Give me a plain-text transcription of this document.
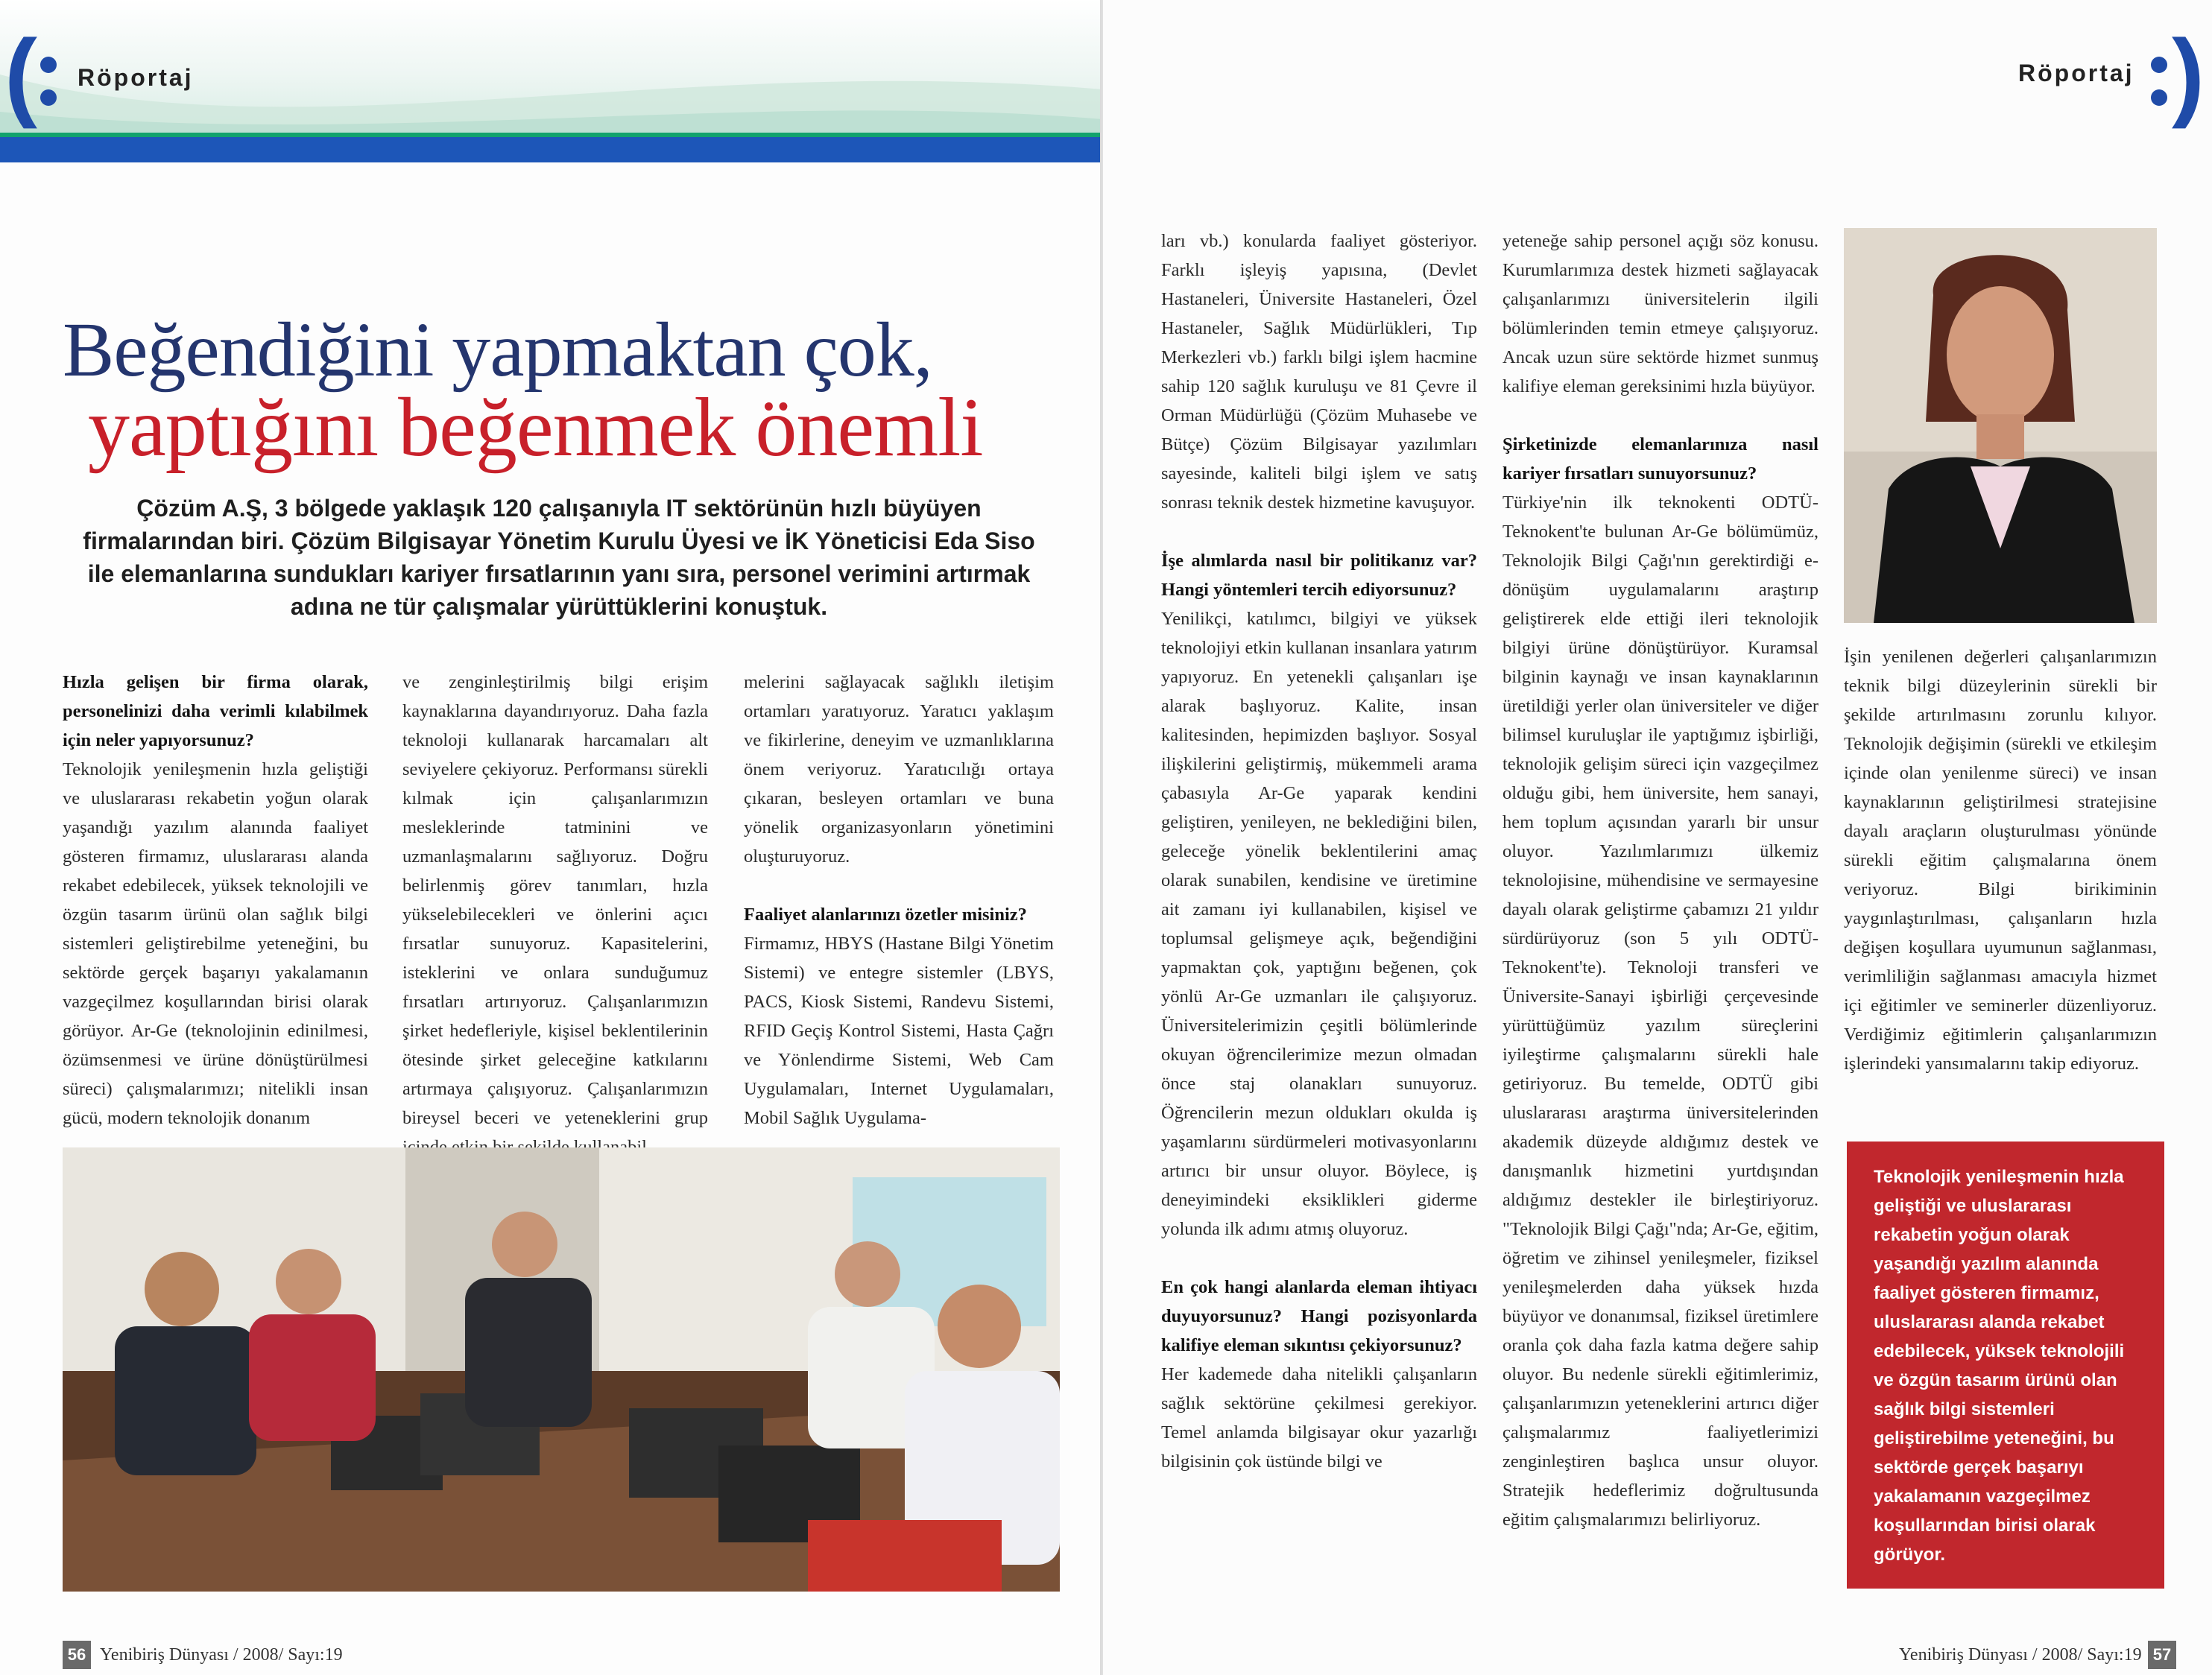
( Röportaj
Beğendiğini yapmaktan çok,
yaptığını beğenmek önemli
Çözüm A.Ş, 3 bölgede yaklaşık 120 çalışanıyla IT sektörünün hızlı büyüyen firmalarından biri. Çözüm Bilgisayar Yönetim Kurulu Üyesi ve İK Yöneticisi Eda Siso ile elemanlarına sundukları kariyer fırsatlarının yanı sıra, personel verimini artırmak adına ne tür çalışmalar yürüttüklerini konuştuk.
Hızla gelişen bir firma olarak, personelinizi daha verimli kılabilmek için neler yapıyorsunuz?
Teknolojik yenileşmenin hızla geliştiği ve uluslararası rekabetin yoğun olarak yaşandığı yazılım alanında faaliyet gösteren firmamız, uluslararası alanda rekabet edebilecek, yüksek teknolojili ve özgün tasarım ürünü olan sağlık bilgi sistemleri geliştirebilme yeteneğini, bu sektörde gerçek başarıyı yakalamanın vazgeçilmez koşullarından birisi olarak görüyor. Ar-Ge (teknolojinin edinilmesi, özümsenmesi ve ürüne dönüştürülmesi süreci) çalışmalarımızı; nitelikli insan gücü, modern teknolojik donanım
ve zenginleştirilmiş bilgi erişim kaynaklarına dayandırıyoruz. Daha fazla teknoloji kullanarak harcamaları alt seviyelere çekiyoruz. Performansı sürekli kılmak için çalışanlarımızın mesleklerinde tatminini ve uzmanlaşmalarını sağlıyoruz. Doğru belirlenmiş görev tanımları, hızla yükselebilecekleri ve önlerini açıcı fırsatlar sunuyoruz. Kapasitelerini, isteklerini ve onlara sunduğumuz fırsatları artırıyoruz. Çalışanlarımızın şirket hedefleriyle, kişisel beklentilerinin ötesinde şirket geleceğine katkılarını artırmaya çalışıyoruz. Çalışanlarımızın bireysel beceri ve yeteneklerini grup
melerini sağlayacak sağlıklı iletişim ortamları yaratıyoruz. Yaratıcı yaklaşım ve fikirlerine, deneyim ve uzmanlıklarına önem veriyoruz. Yaratıcılığı ortaya çıkaran, besleyen ortamları ve buna yönelik organizasyonların yönetimini oluşturuyoruz.
Faaliyet alanlarınızı özetler misiniz?
Firmamız, HBYS (Hastane Bilgi Yönetim Sistemi) ve entegre sistemler (LBYS, PACS, Kiosk Sistemi, Randevu Sistemi, RFID Geçiş Kontrol Sistemi, Hasta Çağrı ve Yönlendirme Sistemi, Web Cam Uygulamaları, Internet Uygulamaları, Mobil Sağlık Uygulama-
56 Yenibiriş Dünyası / 2008/ Sayı:19
Röportaj )
ları vb.) konularda faaliyet gösteriyor. Farklı işleyiş yapısına, (Devlet Hastaneleri, Üniversite Hastaneleri, Özel Hastaneler, Sağlık Müdürlükleri, Tıp Merkezleri vb.) farklı bilgi işlem hacmine sahip 120 sağlık kuruluşu ve 81 Çevre il Orman Müdürlüğü (Çözüm Muhasebe ve Bütçe) Çözüm Bilgisayar yazılımları sayesinde, kaliteli bilgi işlem ve satış sonrası teknik destek hizmetine kavuşuyor.
İşe alımlarda nasıl bir politikanız var? Hangi yöntemleri tercih ediyorsunuz?
Yenilikçi, katılımcı, bilgiyi ve yüksek teknolojiyi etkin kullanan insanlara yatırım yapıyoruz. En yetenekli çalışanları işe alarak başlıyoruz. Kalite, insan kalitesinden, hepimizden başlıyor. Sosyal ilişkilerini geliştirmiş, mükemmeli arama çabasıyla Ar-Ge yaparak kendini geliştiren, yenileyen, ne beklediğini bilen, geleceğe yönelik beklentilerini amaç olarak sunabilen, kendisine ve üretimine ait zamanı iyi kullanabilen, kişisel ve toplumsal gelişmeye açık, beğendiğini yapmaktan çok, yaptığını beğenen, çok yönlü Ar-Ge uzmanları ile çalışıyoruz. Üniversitelerimizin çeşitli bölümlerinde okuyan öğrencilerimize mezun olmadan önce staj olanakları sunuyoruz. Öğrencilerin mezun oldukları okulda iş yaşamlarını sürdürmeleri motivasyonlarını artırıcı bir unsur oluyor. Böylece, iş deneyimindeki eksiklikleri giderme yolunda ilk adımı atmış oluyoruz.
En çok hangi alanlarda eleman ihtiyacı duyuyorsunuz? Hangi pozisyonlarda kalifiye eleman sıkıntısı çekiyorsunuz?
Her kademede daha nitelikli çalışanların sağlık sektörüne çekilmesi gerekiyor. Temel anlamda bilgisayar okur yazarlığı bilgisinin çok üstünde bilgi ve
yeteneğe sahip personel açığı söz konusu. Kurumlarımıza destek hizmeti sağlayacak çalışanlarımızı üniversitelerin ilgili bölümlerinden temin etmeye çalışıyoruz. Ancak uzun süre sektörde hizmet sunmuş kalifiye eleman gereksinimi hızla büyüyor.
Şirketinizde elemanlarınıza nasıl kariyer fırsatları sunuyorsunuz?
Türkiye'nin ilk teknokenti ODTÜ-Teknokent'te bulunan Ar-Ge bölümümüz, Teknolojik Bilgi Çağı'nın gerektirdiği e-dönüşüm uygulamalarını araştırıp geliştirerek elde ettiği ileri teknolojik bilgiyi ürüne dönüştürüyor. Kuramsal bilginin kaynağı ve insan kaynaklarının üretildiği yerler olan üniversiteler ve diğer bilimsel kuruluşlar ile yaptığımız işbirliği, teknolojik gelişim süreci için vazgeçilmez olduğu gibi, hem üniversite, hem sanayi, hem toplum açısından yararlı bir unsur oluyor. Yazılımlarımızı ülkemiz teknolojisine, mühendisine ve sermayesine dayalı olarak geliştirme çabamızı 21 yıldır sürdürüyoruz (son 5 yılı ODTÜ-Teknokent'te). Teknoloji transferi ve Üniversite-Sanayi işbirliği çerçevesinde yürüttüğümüz yazılım süreçlerini iyileştirme çalışmalarını sürekli hale getiriyoruz. Bu temelde, ODTÜ gibi uluslararası araştırma üniversitelerinden akademik düzeyde aldığımız destek ve danışmanlık hizmetini yurtdışından aldığımız destekler ile birleştiriyoruz. "Teknolojik Bilgi Çağı"nda; Ar-Ge, eğitim, öğretim ve zihinsel yenileşmeler, fiziksel yenileşmelerden daha yüksek hızda büyüyor ve donanımsal, fiziksel üretimlere oranla çok daha fazla katma değere sahip oluyor. Bu nedenle sürekli eğitimlerimiz, çalışanlarımızın yeteneklerini artırıcı diğer çalışmalarımız faaliyetlerimizi zenginleştiren başlıca unsur oluyor. Stratejik hedeflerimiz doğrultusunda eğitim çalışmalarımızı belirliyoruz.
İşin yenilenen değerleri çalışanlarımızın teknik bilgi düzeylerinin sürekli bir şekilde artırılmasını zorunlu kılıyor. Teknolojik değişimin (sürekli ve etkileşim içinde olan yenilenme süreci) ve insan kaynaklarının geliştirilmesi stratejisine dayalı araçların oluşturulması yönünde sürekli eğitim çalışmalarına önem veriyoruz. Bilgi birikiminin yaygınlaştırılması, çalışanların hızla değişen koşullara uyumunun sağlanması, verimliliğin sağlanması amacıyla hizmet içi eğitimler ve seminerler düzenliyoruz. Verdiğimiz eğitimlerin çalışanlarımızın işlerindeki yansımalarını takip ediyoruz.
Teknolojik yenileşmenin hızla geliştiği ve uluslararası rekabetin yoğun olarak yaşandığı yazılım alanında faaliyet gösteren firmamız, uluslararası alanda rekabet edebilecek, yüksek teknolojili ve özgün tasarım ürünü olan sağlık bilgi sistemleri geliştirebilme yeteneğini, bu sektörde gerçek başarıyı yakalamanın vazgeçilmez koşullarından birisi olarak görüyor.
Yenibiriş Dünyası / 2008/ Sayı:19 57
